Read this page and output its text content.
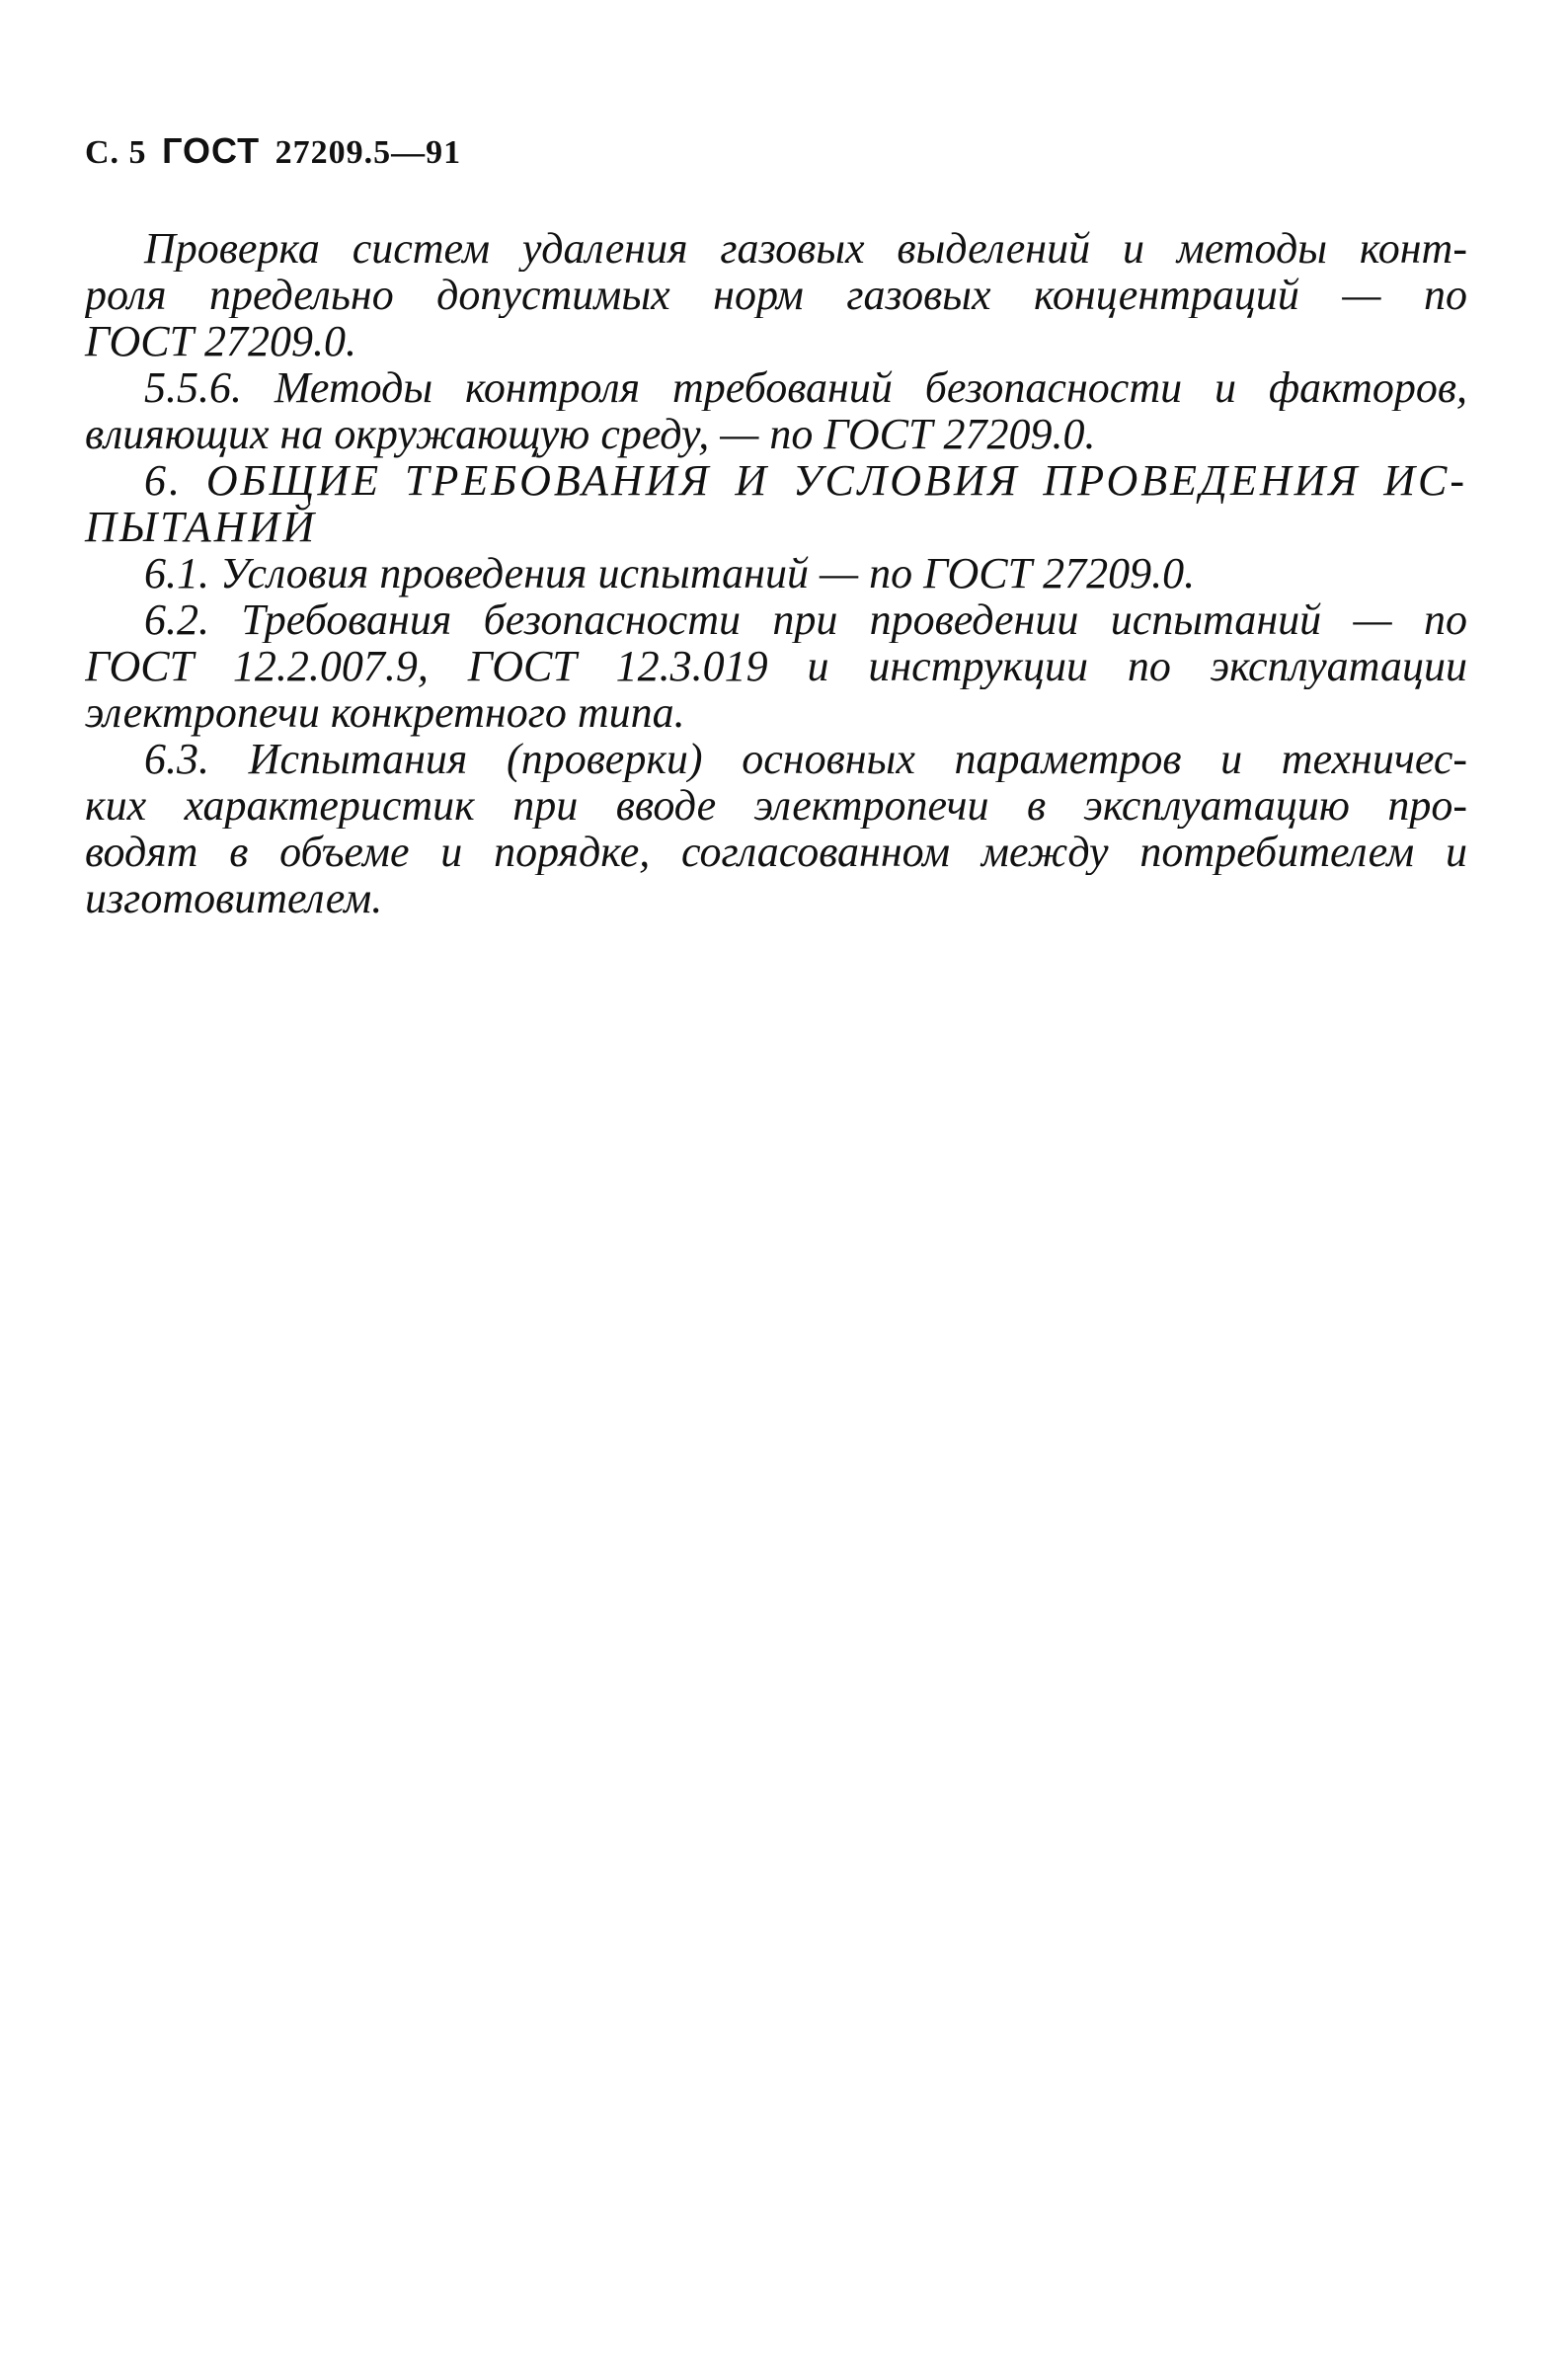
С. 5 ГОСТ 27209.5—91
Проверка систем удаления газовых выделений и методы конт-
роля предельно допустимых норм газовых концентраций — по
ГОСТ 27209.0.
5.5.6. Методы контроля требований безопасности и факторов,
влияющих на окружающую среду, — по ГОСТ 27209.0.
6. ОБЩИЕ ТРЕБОВАНИЯ И УСЛОВИЯ ПРОВЕДЕНИЯ ИС-
ПЫТАНИЙ
6.1. Условия проведения испытаний — по ГОСТ 27209.0.
6.2. Требования безопасности при проведении испытаний — по
ГОСТ 12.2.007.9, ГОСТ 12.3.019 и инструкции по эксплуатации
электропечи конкретного типа.
6.3. Испытания (проверки) основных параметров и техничес-
ких характеристик при вводе электропечи в эксплуатацию про-
водят в объеме и порядке, согласованном между потребителем и
изготовителем.
